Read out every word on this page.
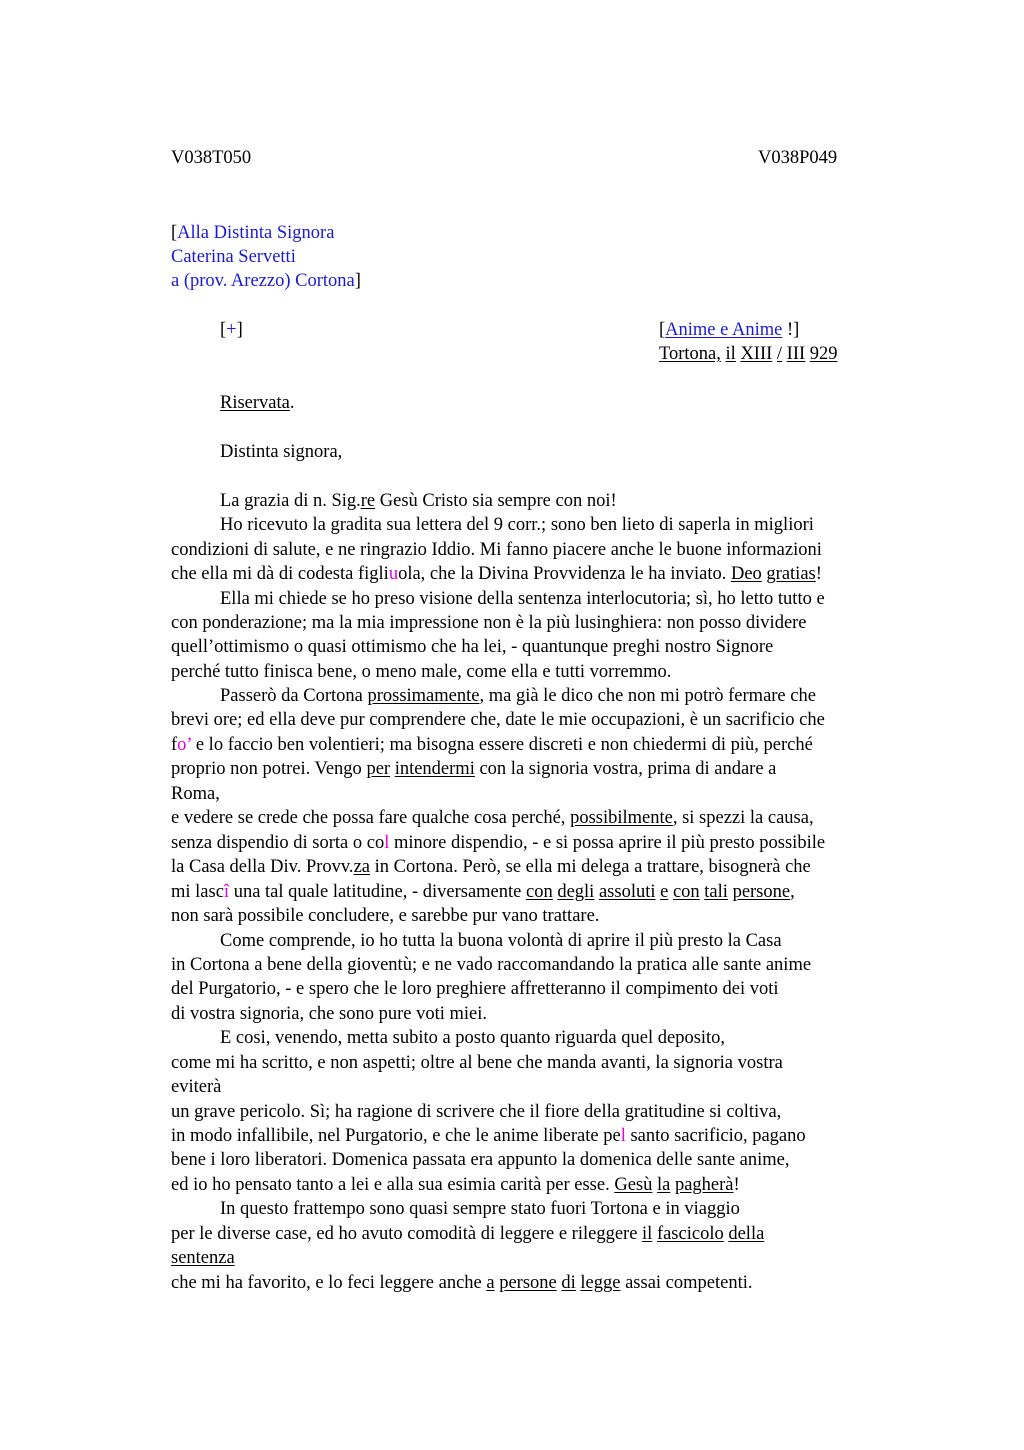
V038T050	V038P049
[Alla Distinta Signora
Caterina Servetti
a (prov. Arezzo) Cortona]
[+]	[Anime e Anime !]
Tortona, il XIII / III 929
Riservata.
Distinta signora,
La grazia di n. Sig.re Gesù Cristo sia sempre con noi!
Ho ricevuto la gradita sua lettera del 9 corr.; sono ben lieto di saperla in migliori
condizioni di salute, e ne ringrazio Iddio. Mi fanno piacere anche le buone informazioni
che ella mi dà di codesta figliuola, che la Divina Provvidenza le ha inviato. Deo gratias!
Ella mi chiede se ho preso visione della sentenza interlocutoria; sì, ho letto tutto e
con ponderazione; ma la mia impressione non è la più lusinghiera: non posso dividere
quell’ottimismo o quasi ottimismo che ha lei, - quantunque preghi nostro Signore
perché tutto finisca bene, o meno male, come ella e tutti vorremmo.
Passerò da Cortona prossimamente, ma già le dico che non mi potrò fermare che
brevi ore; ed ella deve pur comprendere che, date le mie occupazioni, è un sacrificio che
fo’ e lo faccio ben volentieri; ma bisogna essere discreti e non chiedermi di più, perché
proprio non potrei. Vengo per intendermi con la signoria vostra, prima di andare a
Roma,
e vedere se crede che possa fare qualche cosa perché, possibilmente, si spezzi la causa,
senza dispendio di sorta o col minore dispendio, - e si possa aprire il più presto possibile
la Casa della Div. Provv.za in Cortona. Però, se ella mi delega a trattare, bisognerà che
mi lascî una tal quale latitudine, - diversamente con degli assoluti e con tali persone,
non sarà possibile concludere, e sarebbe pur vano trattare.
Come comprende, io ho tutta la buona volontà di aprire il più presto la Casa
in Cortona a bene della gioventù; e ne vado raccomandando la pratica alle sante anime
del Purgatorio, - e spero che le loro preghiere affretteranno il compimento dei voti
di vostra signoria, che sono pure voti miei.
E cosi, venendo, metta subito a posto quanto riguarda quel deposito,
come mi ha scritto, e non aspetti; oltre al bene che manda avanti, la signoria vostra
eviterà
un grave pericolo. Sì; ha ragione di scrivere che il fiore della gratitudine si coltiva,
in modo infallibile, nel Purgatorio, e che le anime liberate pel santo sacrificio, pagano
bene i loro liberatori. Domenica passata era appunto la domenica delle sante anime,
ed io ho pensato tanto a lei e alla sua esimia carità per esse. Gesù la pagherà!
In questo frattempo sono quasi sempre stato fuori Tortona e in viaggio
per le diverse case, ed ho avuto comodità di leggere e rileggere il fascicolo della
sentenza
che mi ha favorito, e lo feci leggere anche a persone di legge assai competenti.
